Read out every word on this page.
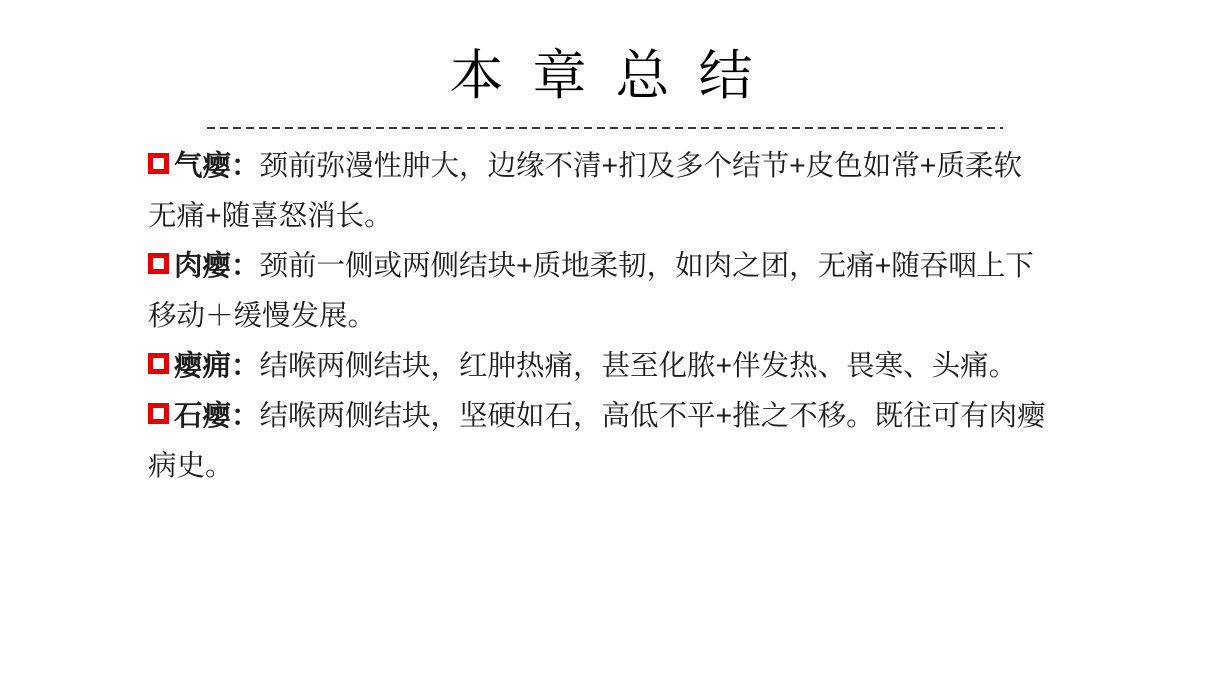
本 章 总 结
气瘿：颈前弥漫性肿大，边缘不清+扪及多个结节+皮色如常+质柔软
无痛+随喜怒消长。
肉瘿：颈前一侧或两侧结块+质地柔韧，如肉之团，无痛+随吞咽上下
移动＋缓慢发展。
瘿痈：结喉两侧结块，红肿热痛，甚至化脓+伴发热、畏寒、头痛。
石瘿：结喉两侧结块，坚硬如石，高低不平+推之不移。既往可有肉瘿
病史。
